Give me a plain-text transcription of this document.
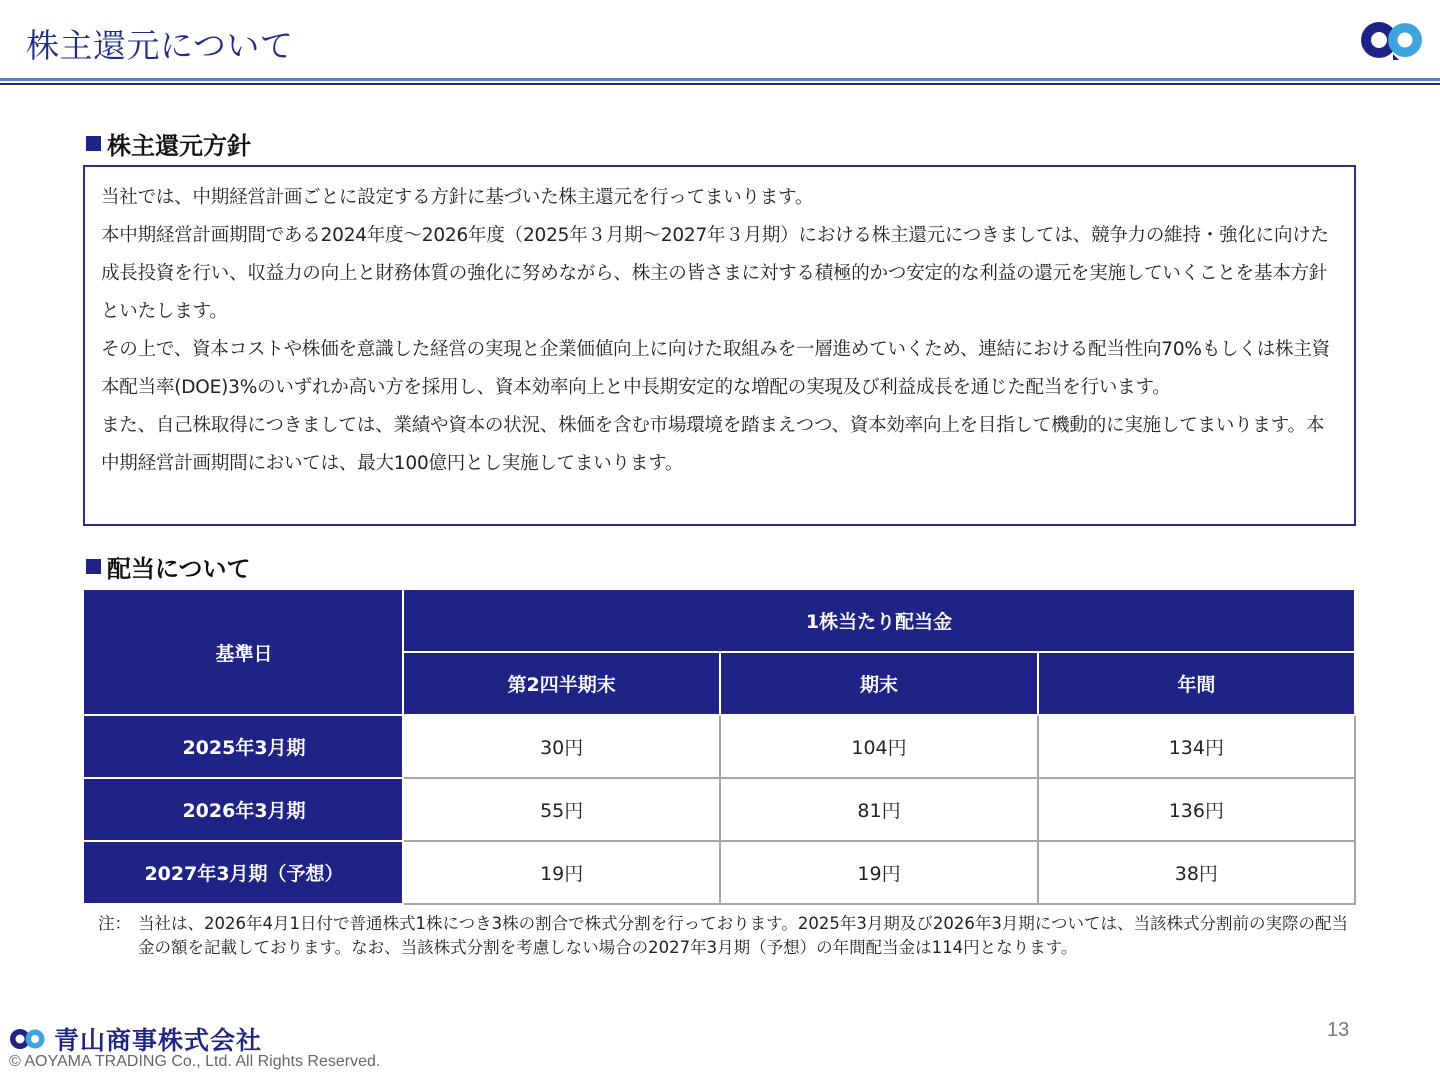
株主還元について
株主還元方針

当社では、中期経営計画ごとに設定する方針に基づいた株主還元を行ってまいります。

本中期経営計画期間である2024年度～2026年度（2025年３月期～2027年３月期）における株主還元につきましては、競争力の維持・強化に向けた成長投資を行い、収益力の向上と財務体質の強化に努めながら、株主の皆さまに対する積極的かつ安定的な利益の還元を実施していくことを基本方針といたします。

その上で、資本コストや株価を意識した経営の実現と企業価値向上に向けた取組みを一層進めていくため、連結における配当性向70%もしくは株主資本配当率(DOE)3%のいずれか高い方を採用し、資本効率向上と中長期安定的な増配の実現及び利益成長を通じた配当を行います。

また、自己株取得につきましては、業績や資本の状況、株価を含む市場環境を踏まえつつ、資本効率向上を目指して機動的に実施してまいります。本中期経営計画期間においては、最大100億円とし実施してまいります。

配当について
基準日	1株当たり配当金		
	第2四半期末	期末	年間
2025年3月期	30円	104円	134円
2026年3月期	55円	81円	136円
2027年3月期（予想）	19円	19円	38円
注： 当社は、2026年4月1日付で普通株式1株につき3株の割合で株式分割を行っております。2025年3月期及び2026年3月期については、当該株式分割前の実際の配当金の額を記載しております。なお、当該株式分割を考慮しない場合の2027年3月期（予想）の年間配当金は114円となります。
13
青山商事株式会社
© AOYAMA TRADING Co., Ltd. All Rights Reserved.
